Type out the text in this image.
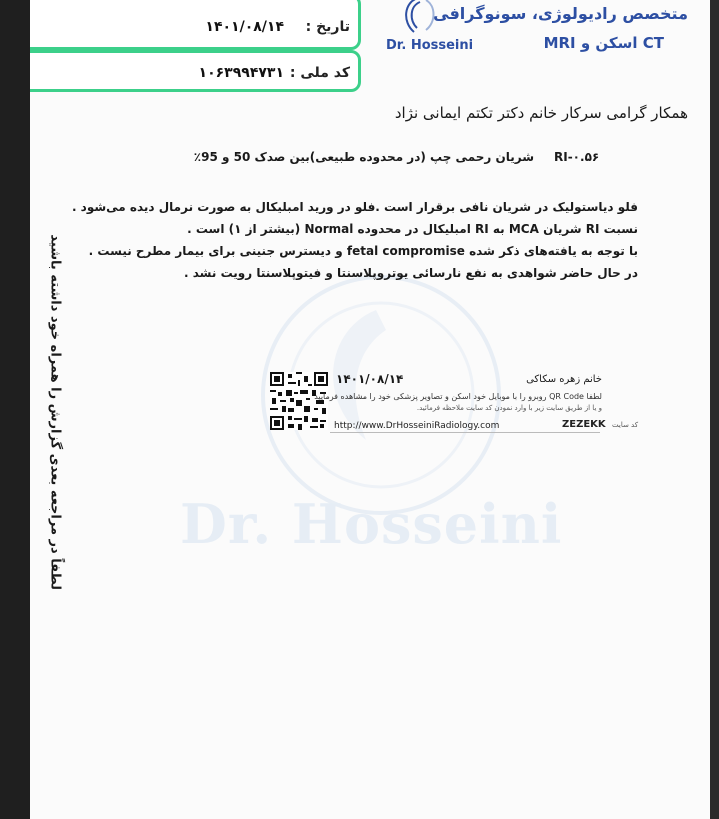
Dr. Hosseini
تاریخ :
۱۴۰۱/۰۸/۱۴
کد ملی :
۱۰۶۳۹۹۴۷۳۱
Dr. Hosseini
متخصص رادیولوژی، سونوگرافی
CT اسکن و MRI
همکار گرامی سرکار خانم دکتر تکتم ایمانی نژاد
RI-۰.۵۶
شریان رحمی چپ (در محدوده طبیعی)بین صدک 50 و 95٪
فلو دیاستولیک در شریان نافی برقرار است .فلو در ورید امبلیکال به صورت نرمال دیده می‌شود .
نسبت RI شریان MCA به RI امبلیکال در محدوده Normal (بیشتر از ۱) است .
با توجه به یافته‌های ذکر شده fetal compromise و دیسترس جنینی برای بیمار مطرح نیست .
در حال حاضر شواهدی به نفع نارسائی یوتروپلاسنتا و فیتوپلاسنتا رویت نشد .
لطفاً در مراجعه بعدی گزارش را همراه خود داشته باشید	۱۴۰۱/۰۸/۱۴	خانم زهره سکاکی
لطفا QR Code روبرو را با موبایل خود اسکن و تصاویر پزشکی خود را مشاهده فرمایید
و یا از طریق سایت زیر با وارد نمودن کد سایت ملاحظه فرمائید.
http://www.DrHosseiniRadiology.com	ZEZEKK کد سایت
